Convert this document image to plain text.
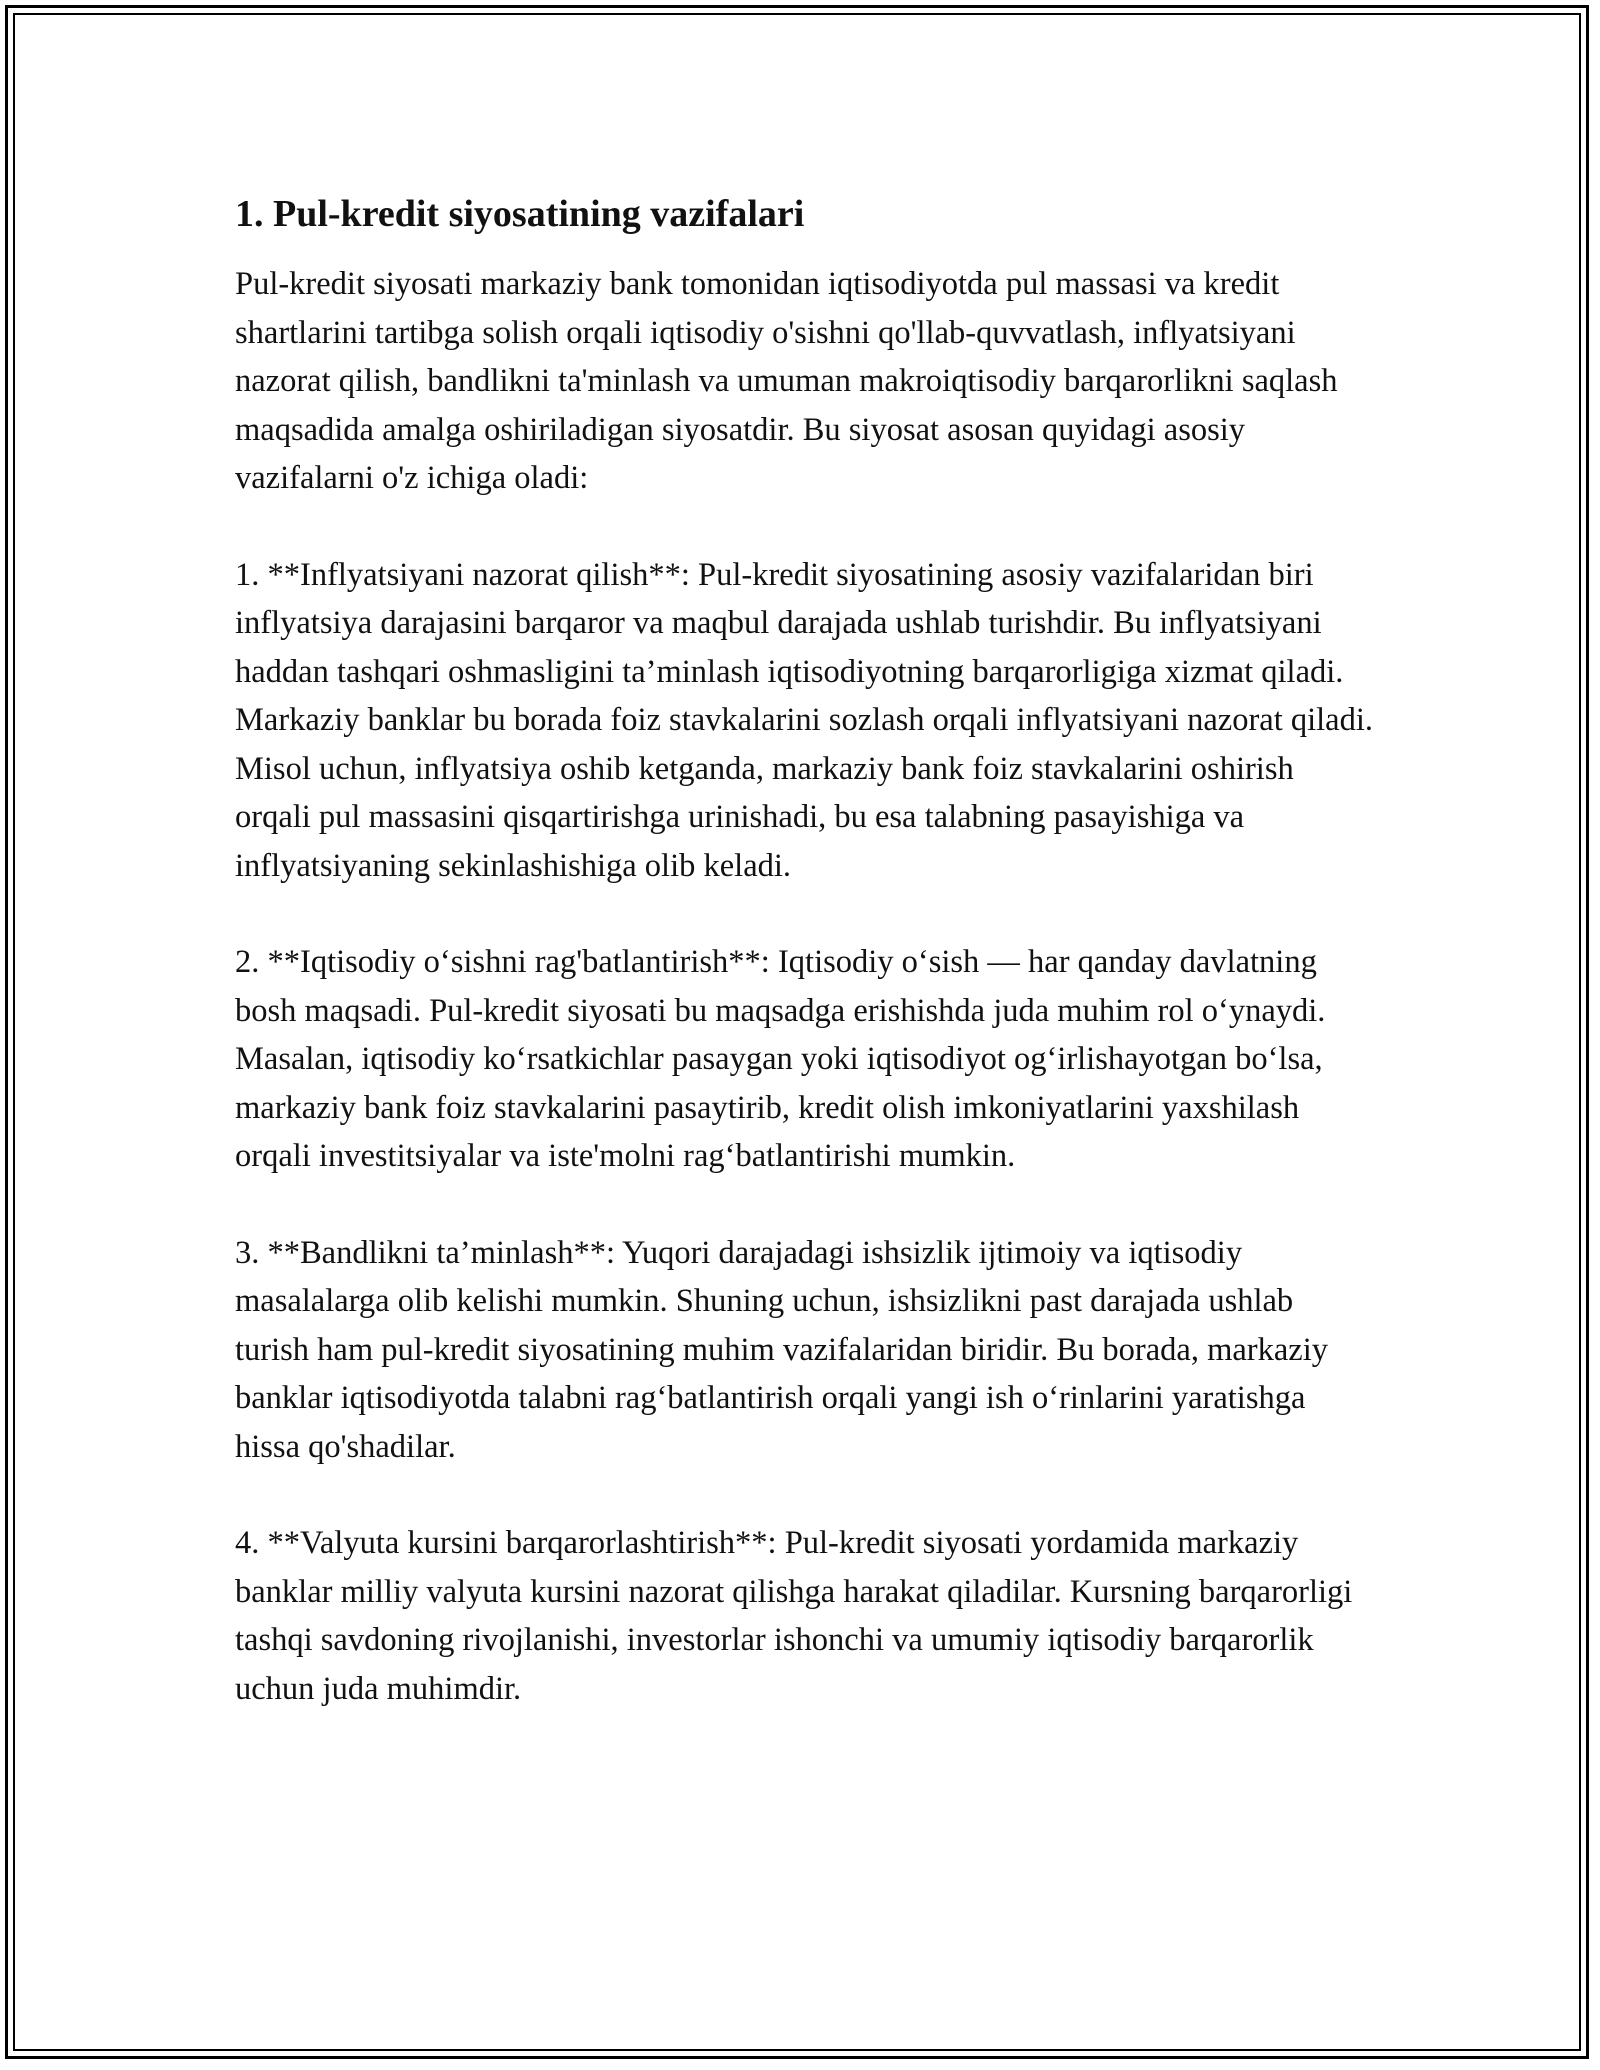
1. Pul-kredit siyosatining vazifalari

Pul-kredit siyosati markaziy bank tomonidan iqtisodiyotda pul massasi va kredit shartlarini tartibga solish orqali iqtisodiy o'sishni qo'llab-quvvatlash, inflyatsiyani nazorat qilish, bandlikni ta'minlash va umuman makroiqtisodiy barqarorlikni saqlash maqsadida amalga oshiriladigan siyosatdir. Bu siyosat asosan quyidagi asosiy vazifalarni o'z ichiga oladi:

1. **Inflyatsiyani nazorat qilish**: Pul-kredit siyosatining asosiy vazifalaridan biri inflyatsiya darajasini barqaror va maqbul darajada ushlab turishdir. Bu inflyatsiyani haddan tashqari oshmasligini ta’minlash iqtisodiyotning barqarorligiga xizmat qiladi. Markaziy banklar bu borada foiz stavkalarini sozlash orqali inflyatsiyani nazorat qiladi. Misol uchun, inflyatsiya oshib ketganda, markaziy bank foiz stavkalarini oshirish orqali pul massasini qisqartirishga urinishadi, bu esa talabning pasayishiga va inflyatsiyaning sekinlashishiga olib keladi.

2. **Iqtisodiy o‘sishni rag'batlantirish**: Iqtisodiy o‘sish — har qanday davlatning bosh maqsadi. Pul-kredit siyosati bu maqsadga erishishda juda muhim rol o‘ynaydi. Masalan, iqtisodiy ko‘rsatkichlar pasaygan yoki iqtisodiyot og‘irlishayotgan bo‘lsa, markaziy bank foiz stavkalarini pasaytirib, kredit olish imkoniyatlarini yaxshilash orqali investitsiyalar va iste'molni rag‘batlantirishi mumkin.

3. **Bandlikni ta’minlash**: Yuqori darajadagi ishsizlik ijtimoiy va iqtisodiy masalalarga olib kelishi mumkin. Shuning uchun, ishsizlikni past darajada ushlab turish ham pul-kredit siyosatining muhim vazifalaridan biridir. Bu borada, markaziy banklar iqtisodiyotda talabni rag‘batlantirish orqali yangi ish o‘rinlarini yaratishga hissa qo'shadilar.

4. **Valyuta kursini barqarorlashtirish**: Pul-kredit siyosati yordamida markaziy banklar milliy valyuta kursini nazorat qilishga harakat qiladilar. Kursning barqarorligi tashqi savdoning rivojlanishi, investorlar ishonchi va umumiy iqtisodiy barqarorlik uchun juda muhimdir.
